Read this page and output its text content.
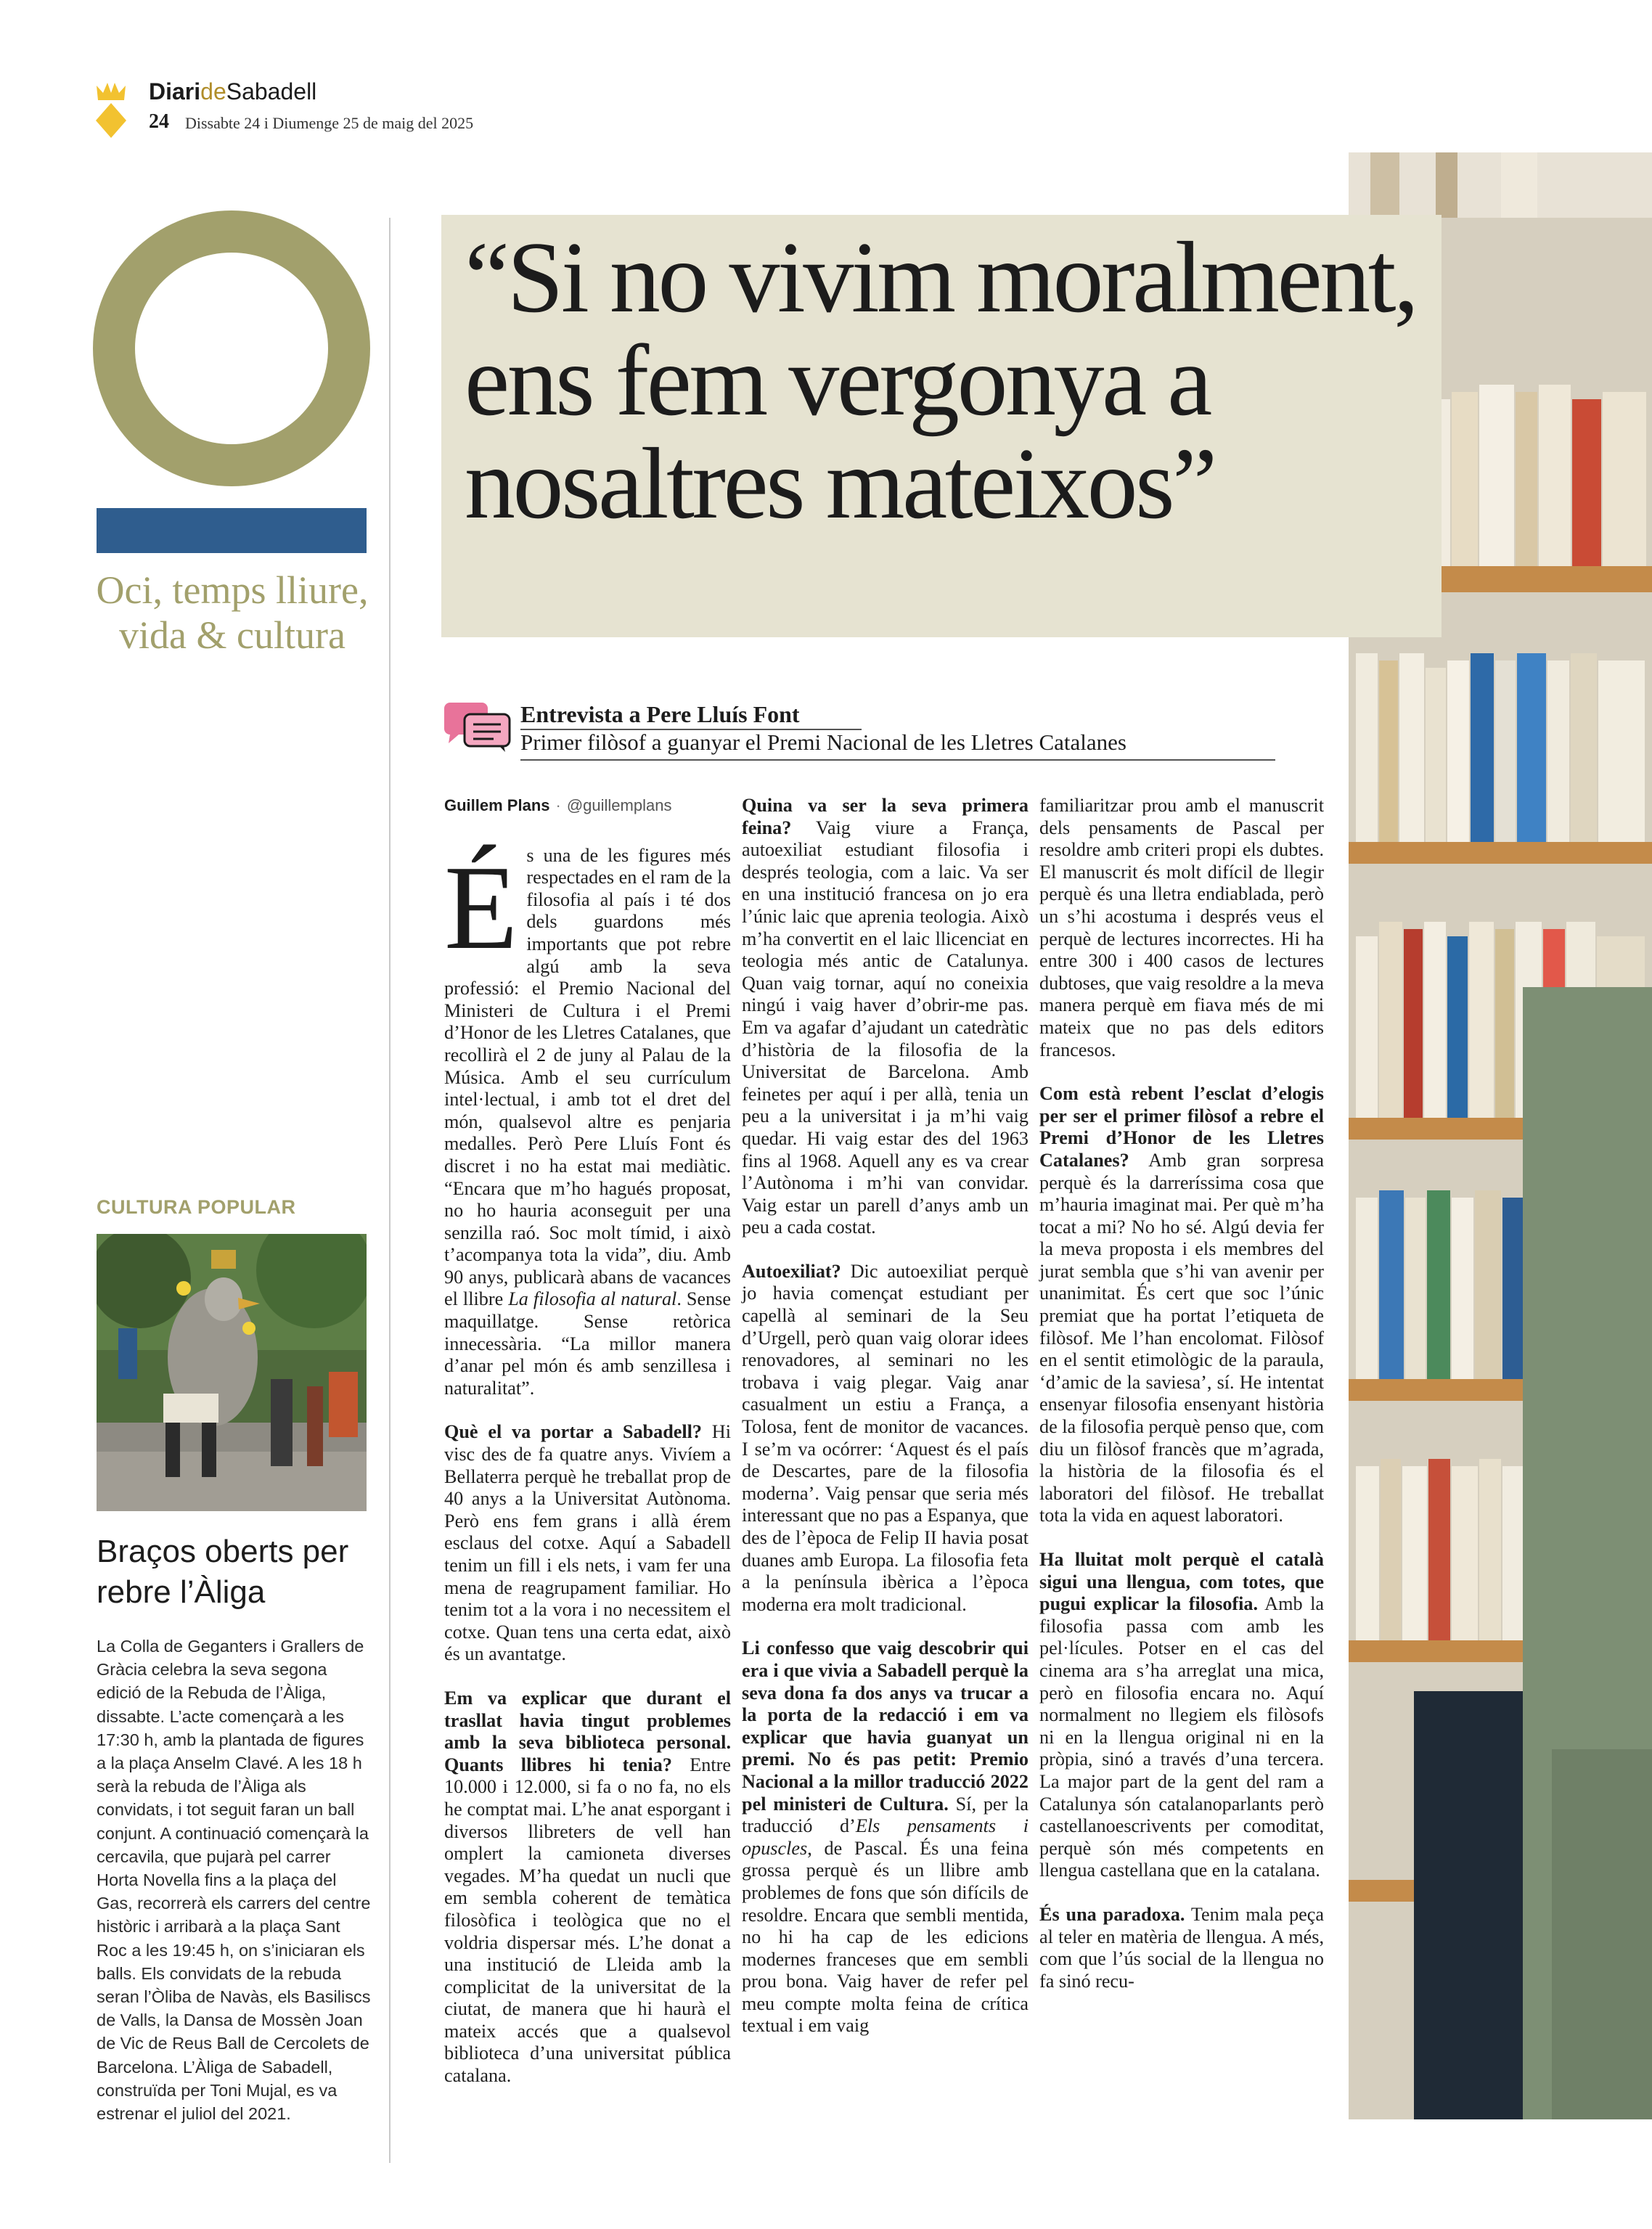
DiarideSabadell
24 Dissabte 24 i Diumenge 25 de maig del 2025
Oci, temps lliure, vida & cultura
CULTURA POPULAR
Braços oberts per rebre l’Àliga
La Colla de Geganters i Grallers de Gràcia celebra la seva segona edició de la Rebuda de l’Àliga, dissabte. L’acte començarà a les 17:30 h, amb la plantada de figures a la plaça Anselm Clavé. A les 18 h serà la rebuda de l’Àliga als convidats, i tot seguit faran un ball conjunt. A continuació començarà la cercavila, que pujarà pel carrer Horta Novella fins a la plaça del Gas, recorrerà els carrers del centre històric i arribarà a la plaça Sant Roc a les 19:45 h, on s’iniciaran els balls. Els convidats de la rebuda seran l’Òliba de Navàs, els Basiliscs de Valls, la Dansa de Mossèn Joan de Vic de Reus Ball de Cercolets de Barcelona. L’Àliga de Sabadell, construïda per Toni Mujal, es va estrenar el juliol del 2021.
“Si no vivim moralment,
ens fem vergonya a
nosaltres mateixos”
Entrevista a Pere Lluís Font
Primer filòsof a guanyar el Premi Nacional de les Lletres Catalanes
Guillem Plans · @guillemplans

És una de les figures més respectades en el ram de la filosofia al país i té dos dels guardons més importants que pot rebre algú amb la seva professió: el Premio Nacional del Ministeri de Cultura i el Premi d’Honor de les Lletres Catalanes, que recollirà el 2 de juny al Palau de la Música. Amb el seu currículum intel·lectual, i amb tot el dret del món, qualsevol altre es penjaria medalles. Però Pere Lluís Font és discret i no ha estat mai mediàtic. “Encara que m’ho hagués proposat, no ho hauria aconseguit per una senzilla raó. Soc molt tímid, i això t’acompanya tota la vida”, diu. Amb 90 anys, publicarà abans de vacances el llibre La filosofia al natural. Sense maquillatge. Sense retòrica innecessària. “La millor manera d’anar pel món és amb senzillesa i naturalitat”.

Què el va portar a Sabadell? Hi visc des de fa quatre anys. Vivíem a Bellaterra perquè he treballat prop de 40 anys a la Universitat Autònoma. Però ens fem grans i allà érem esclaus del cotxe. Aquí a Sabadell tenim un fill i els nets, i vam fer una mena de reagrupament familiar. Ho tenim tot a la vora i no necessitem el cotxe. Quan tens una certa edat, això és un avantatge.

Em va explicar que durant el trasllat havia tingut problemes amb la seva biblioteca personal. Quants llibres hi tenia? Entre 10.000 i 12.000, si fa o no fa, no els he comptat mai. L’he anat esporgant i diversos llibreters de vell han omplert la camioneta diverses vegades. M’ha quedat un nucli que em sembla coherent de temàtica filosòfica i teològica que no el voldria dispersar més. L’he donat a una institució de Lleida amb la complicitat de la universitat de la ciutat, de manera que hi haurà el mateix accés que a qualsevol biblioteca d’una universitat pública catalana.

Quina va ser la seva primera feina? Vaig viure a França, autoexiliat estudiant filosofia i després teologia, com a laic. Va ser en una institució francesa on jo era l’únic laic que aprenia teologia. Això m’ha convertit en el laic llicenciat en teologia més antic de Catalunya. Quan vaig tornar, aquí no coneixia ningú i vaig haver d’obrir-me pas. Em va agafar d’ajudant un catedràtic d’història de la filosofia de la Universitat de Barcelona. Amb feinetes per aquí i per allà, tenia un peu a la universitat i ja m’hi vaig quedar. Hi vaig estar des del 1963 fins al 1968. Aquell any es va crear l’Autònoma i m’hi van convidar. Vaig estar un parell d’anys amb un peu a cada costat.

Autoexiliat? Dic autoexiliat perquè jo havia començat estudiant per capellà al seminari de la Seu d’Urgell, però quan vaig olorar idees renovadores, al seminari no les trobava i vaig plegar. Vaig anar casualment un estiu a França, a Tolosa, fent de monitor de vacances. I se’m va ocórrer: ‘Aquest és el país de Descartes, pare de la filosofia moderna’. Vaig pensar que seria més interessant que no pas a Espanya, que des de l’època de Felip II havia posat duanes amb Europa. La filosofia feta a la península ibèrica a l’època moderna era molt tradicional.

Li confesso que vaig descobrir qui era i que vivia a Sabadell perquè la seva dona fa dos anys va trucar a la porta de la redacció i em va explicar que havia guanyat un premi. No és pas petit: Premio Nacional a la millor traducció 2022 pel ministeri de Cultura. Sí, per la traducció d’Els pensaments i opuscles, de Pascal. És una feina grossa perquè és un llibre amb problemes de fons que són difícils de resoldre. Encara que sembli mentida, no hi ha cap de les edicions modernes franceses que em sembli prou bona. Vaig haver de refer pel meu compte molta feina de crítica textual i em vaig

familiaritzar prou amb el manuscrit dels pensaments de Pascal per resoldre amb criteri propi els dubtes. El manuscrit és molt difícil de llegir perquè és una lletra endiablada, però un s’hi acostuma i després veus el perquè de lectures incorrectes. Hi ha entre 300 i 400 casos de lectures dubtoses, que vaig resoldre a la meva manera perquè em fiava més de mi mateix que no pas dels editors francesos.

Com està rebent l’esclat d’elogis per ser el primer filòsof a rebre el Premi d’Honor de les Lletres Catalanes? Amb gran sorpresa perquè és la darreríssima cosa que m’hauria imaginat mai. Per què m’ha tocat a mi? No ho sé. Algú devia fer la meva proposta i els membres del jurat sembla que s’hi van avenir per unanimitat. És cert que soc l’únic premiat que ha portat l’etiqueta de filòsof. Me l’han encolomat. Filòsof en el sentit etimològic de la paraula, ‘d’amic de la saviesa’, sí. He intentat ensenyar filosofia ensenyant història de la filosofia perquè penso que, com diu un filòsof francès que m’agrada, la història de la filosofia és el laboratori del filòsof. He treballat tota la vida en aquest laboratori.

Ha lluitat molt perquè el català sigui una llengua, com totes, que pugui explicar la filosofia. Amb la filosofia passa com amb les pel·lícules. Potser en el cas del cinema ara s’ha arreglat una mica, però en filosofia encara no. Aquí normalment no llegiem els filòsofs ni en la llengua original ni en la pròpia, sinó a través d’una tercera. La major part de la gent del ram a Catalunya són catalanoparlants però castellanoescrivents per comoditat, perquè són més competents en llengua castellana que en la catalana.

És una paradoxa. Tenim mala peça al teler en matèria de llengua. A més, com que l’ús social de la llengua no fa sinó recu-
